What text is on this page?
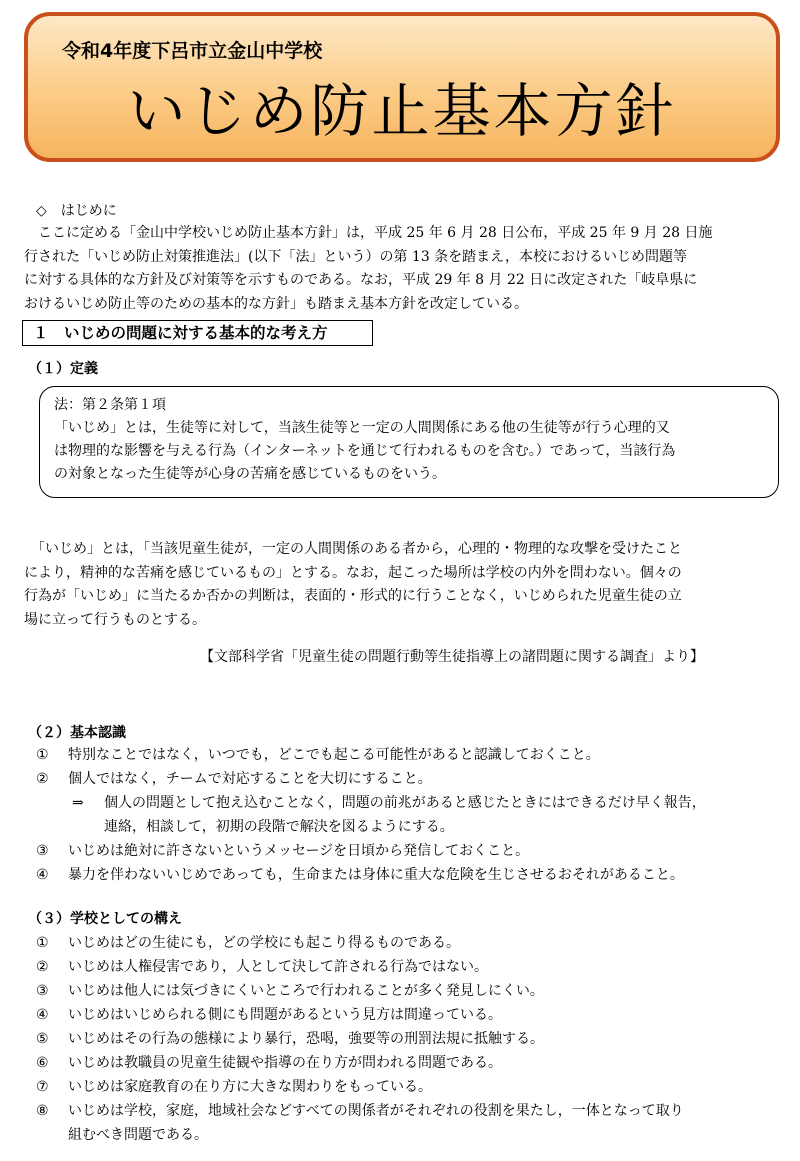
令和4年度下呂市立金山中学校
いじめ防止基本方針
◇　はじめに
　ここに定める「金山中学校いじめ防止基本方針」は，平成 25 年 6 月 28 日公布，平成 25 年 9 月 28 日施
行された「いじめ防止対策推進法」(以下「法」という）の第 13 条を踏まえ，本校におけるいじめ問題等
に対する具体的な方針及び対策等を示すものである。なお，平成 29 年 8 月 22 日に改定された「岐阜県に
おけるいじめ防止等のための基本的な方針」も踏まえ基本方針を改定している。
１　いじめの問題に対する基本的な考え方
（１）定義
法：第２条第１項
「いじめ」とは，生徒等に対して，当該生徒等と一定の人間関係にある他の生徒等が行う心理的又
は物理的な影響を与える行為（インターネットを通じて行われるものを含む。）であって，当該行為
の対象となった生徒等が心身の苦痛を感じているものをいう。
　「いじめ」とは，「当該児童生徒が，一定の人間関係のある者から，心理的・物理的な攻撃を受けたこと
により，精神的な苦痛を感じているもの」とする。なお，起こった場所は学校の内外を問わない。個々の
行為が「いじめ」に当たるか否かの判断は，表面的・形式的に行うことなく，いじめられた児童生徒の立
場に立って行うものとする。
【文部科学省「児童生徒の問題行動等生徒指導上の諸問題に関する調査」より】
（２）基本認識
① 特別なことではなく，いつでも，どこでも起こる可能性があると認識しておくこと。
② 個人ではなく，チームで対応することを大切にすること。
⇒ 個人の問題として抱え込むことなく，問題の前兆があると感じたときにはできるだけ早く報告，
連絡，相談して，初期の段階で解決を図るようにする。
③ いじめは絶対に許さないというメッセージを日頃から発信しておくこと。
④ 暴力を伴わないいじめであっても，生命または身体に重大な危険を生じさせるおそれがあること。
（３）学校としての構え
① いじめはどの生徒にも，どの学校にも起こり得るものである。
② いじめは人権侵害であり，人として決して許される行為ではない。
③ いじめは他人には気づきにくいところで行われることが多く発見しにくい。
④ いじめはいじめられる側にも問題があるという見方は間違っている。
⑤ いじめはその行為の態様により暴行，恐喝，強要等の刑罰法規に抵触する。
⑥ いじめは教職員の児童生徒観や指導の在り方が問われる問題である。
⑦ いじめは家庭教育の在り方に大きな関わりをもっている。
⑧ いじめは学校，家庭，地域社会などすべての関係者がそれぞれの役割を果たし，一体となって取り
組むべき問題である。
